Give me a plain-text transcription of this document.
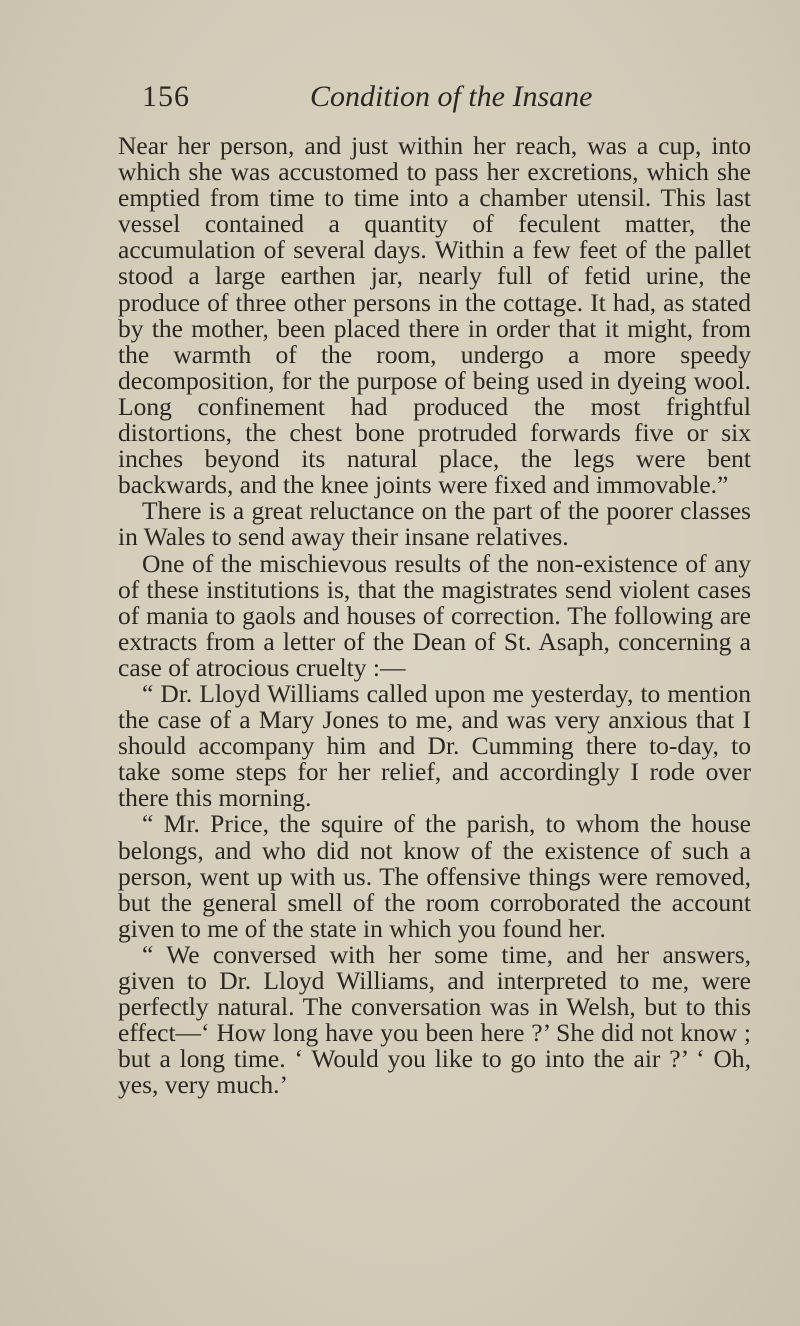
156	Condition of the Insane

Near her person, and just within her reach, was a cup, into which she was accustomed to pass her excretions, which she emptied from time to time into a chamber utensil. This last vessel contained a quantity of feculent matter, the accumulation of several days. Within a few feet of the pallet stood a large earthen jar, nearly full of fetid urine, the produce of three other persons in the cottage. It had, as stated by the mother, been placed there in order that it might, from the warmth of the room, undergo a more speedy decomposition, for the purpose of being used in dyeing wool. Long confinement had produced the most frightful distortions, the chest bone protruded forwards five or six inches beyond its natural place, the legs were bent backwards, and the knee joints were fixed and immovable.”

There is a great reluctance on the part of the poorer classes in Wales to send away their insane relatives.

One of the mischievous results of the non-existence of any of these institutions is, that the magistrates send violent cases of mania to gaols and houses of correction. The following are extracts from a letter of the Dean of St. Asaph, concerning a case of atrocious cruelty :—

“ Dr. Lloyd Williams called upon me yesterday, to mention the case of a Mary Jones to me, and was very anxious that I should accompany him and Dr. Cumming there to-day, to take some steps for her relief, and accordingly I rode over there this morning.

“ Mr. Price, the squire of the parish, to whom the house belongs, and who did not know of the existence of such a person, went up with us. The offensive things were removed, but the general smell of the room corroborated the account given to me of the state in which you found her.

“ We conversed with her some time, and her answers, given to Dr. Lloyd Williams, and interpreted to me, were perfectly natural. The conversation was in Welsh, but to this effect—‘ How long have you been here ?’ She did not know ; but a long time. ‘ Would you like to go into the air ?’ ‘ Oh, yes, very much.’
